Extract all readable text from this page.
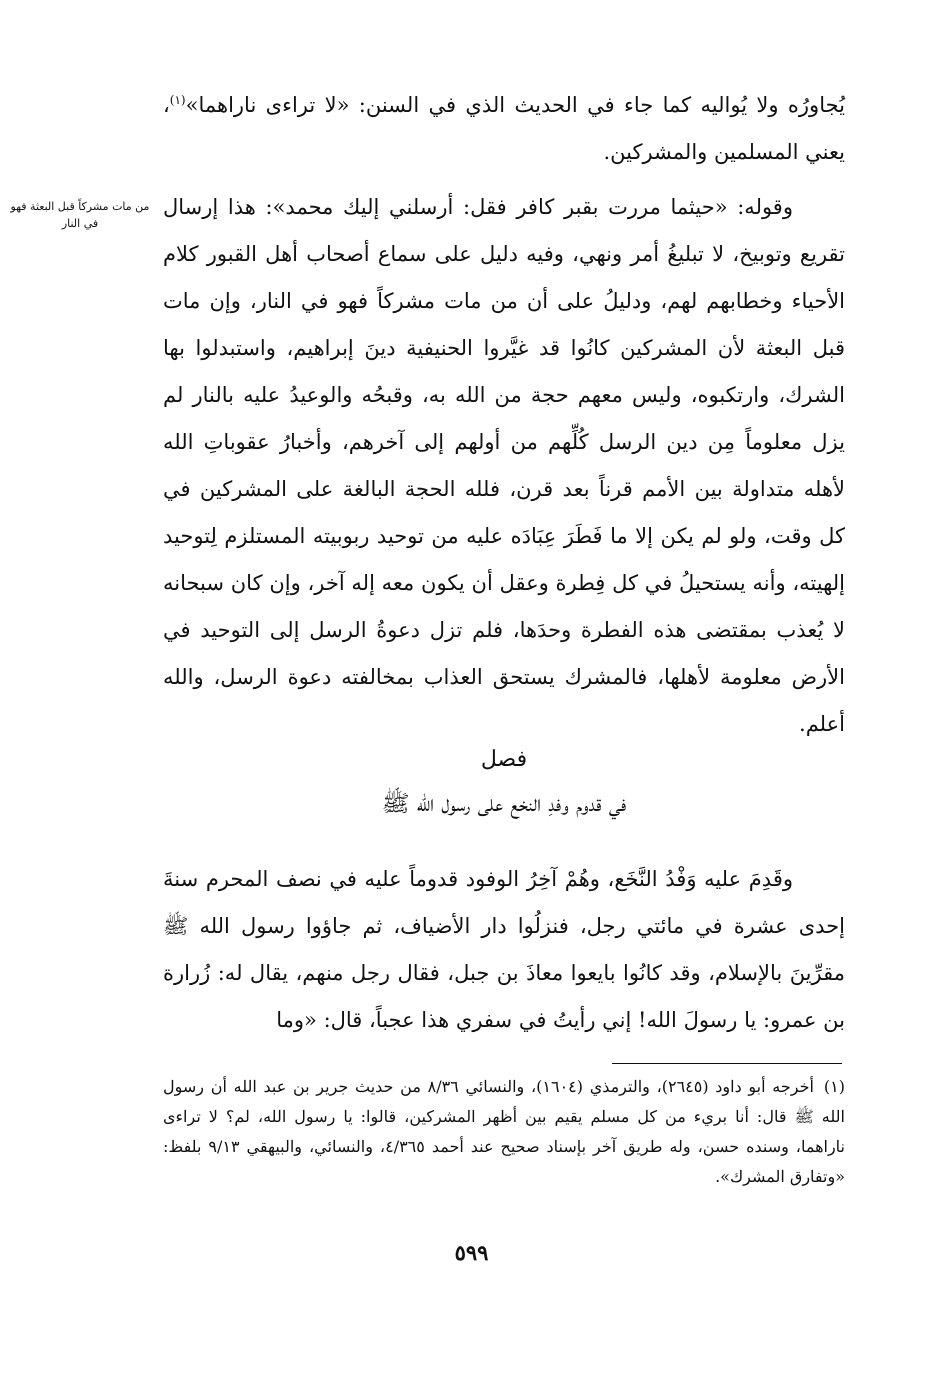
من مات مشركاً قبل البعثة فهو في النار

يُجاورُه ولا يُواليه كما جاء في الحديث الذي في السنن: «لا تراءى ناراهما»$^{(١)}$، يعني المسلمين والمشركين.

وقوله: «حيثما مررت بقبر كافر فقل: أرسلني إليك محمد»: هذا إرسال تقريع وتوبيخ، لا تبليغُ أمر ونهي، وفيه دليل على سماع أصحاب أهل القبور كلام الأحياء وخطابهم لهم، ودليلُ على أن من مات مشركاً فهو في النار، وإن مات قبل البعثة لأن المشركين كانُوا قد غيَّروا الحنيفية دينَ إبراهيم، واستبدلوا بها الشرك، وارتكبوه، وليس معهم حجة من الله به، وقبحُه والوعيدُ عليه بالنار لم يزل معلوماً مِن دين الرسل كُلِّهم من أولهم إلى آخرهم، وأخبارُ عقوباتِ الله لأهله متداولة بين الأمم قرناً بعد قرن، فلله الحجة البالغة على المشركين في كل وقت، ولو لم يكن إلا ما فَطَرَ عِبَادَه عليه من توحيد ربوبيته المستلزم لِتوحيد إلهيته، وأنه يستحيلُ في كل فِطرة وعقل أن يكون معه إله آخر، وإن كان سبحانه لا يُعذب بمقتضى هذه الفطرة وحدَها، فلم تزل دعوةُ الرسل إلى التوحيد في الأرض معلومة لأهلها، فالمشرك يستحق العذاب بمخالفته دعوة الرسل، والله أعلم.

فصل
في قدوم وفدِ النخع على رسول الله ﷺ

وقَدِمَ عليه وَفْدُ النَّخَع، وهُمْ آخِرُ الوفود قدوماً عليه في نصف المحرم سنةَ إحدى عشرة في مائتي رجل، فنزلُوا دار الأضياف، ثم جاؤوا رسول الله ﷺ مقرِّينَ بالإسلام، وقد كانُوا بايعوا معاذَ بن جبل، فقال رجل منهم، يقال له: زُرارة بن عمرو: يا رسولَ الله! إني رأيتُ في سفري هذا عجباً، قال: «وما

(١)أخرجه أبو داود (٢٦٤٥)، والترمذي (١٦٠٤)، والنسائي ٨/٣٦ من حديث جرير بن عبد الله أن رسول الله ﷺ قال: أنا بريء من كل مسلم يقيم بين أظهر المشركين، قالوا: يا رسول الله، لم؟ لا تراءى ناراهما، وسنده حسن، وله طريق آخر بإسناد صحيح عند أحمد ٤/٣٦٥، والنسائي، والبيهقي ٩/١٣ بلفظ: «وتفارق المشرك».

٥٩٩
